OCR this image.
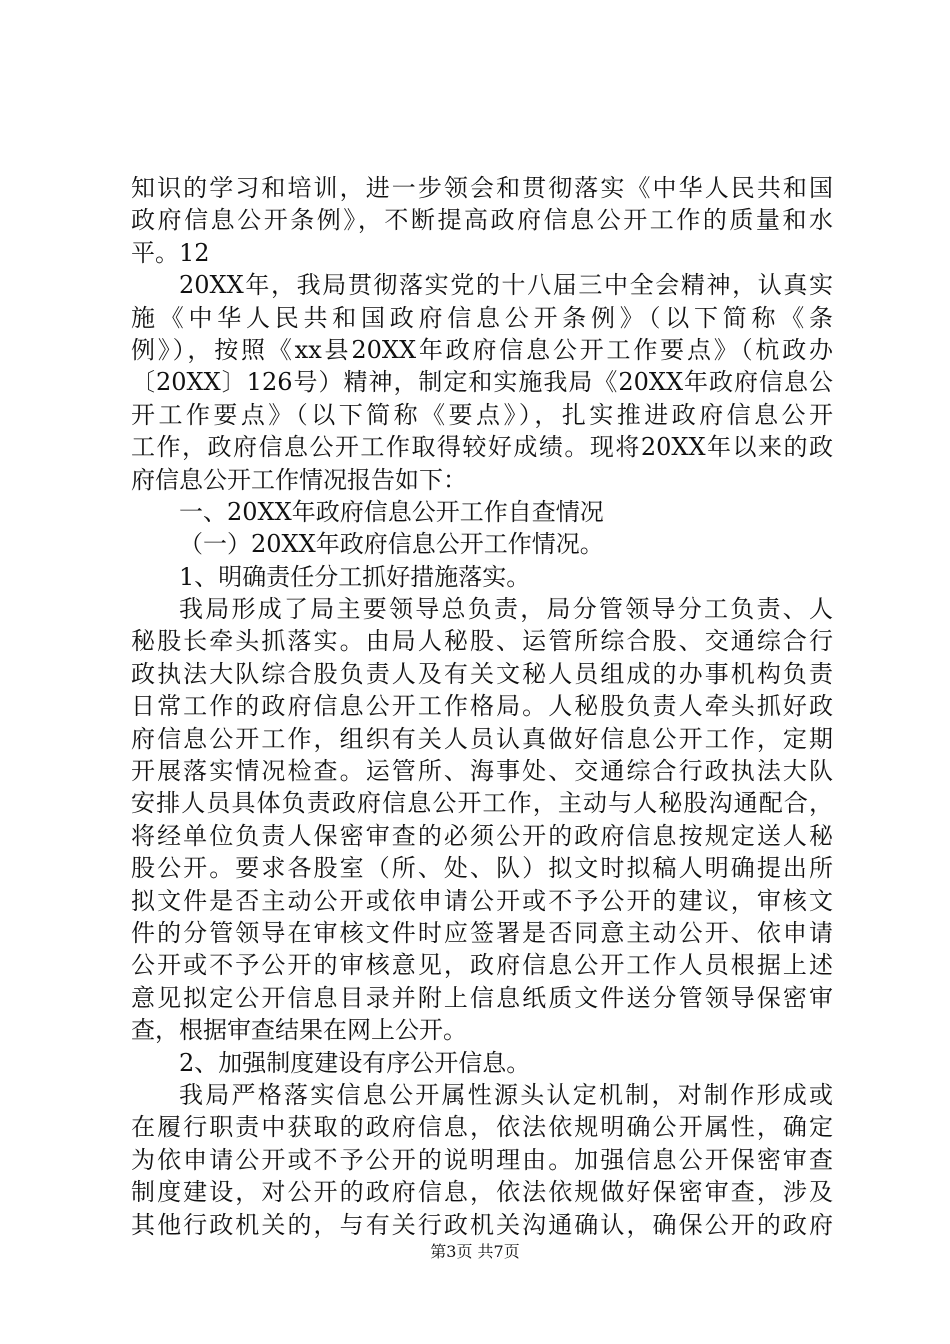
知识的学习和培训，进一步领会和贯彻落实《中华人民共和国
政府信息公开条例》，不断提高政府信息公开工作的质量和水
平。12
20XX年，我局贯彻落实党的十八届三中全会精神，认真实
施《中华人民共和国政府信息公开条例》（以下简称《条
例》），按照《xx县20XX年政府信息公开工作要点》（杭政办
〔20XX〕126号）精神，制定和实施我局《20XX年政府信息公
开工作要点》（以下简称《要点》），扎实推进政府信息公开
工作，政府信息公开工作取得较好成绩。现将20XX年以来的政
府信息公开工作情况报告如下：
一、20XX年政府信息公开工作自查情况
（一）20XX年政府信息公开工作情况。
1、明确责任分工抓好措施落实。
我局形成了局主要领导总负责，局分管领导分工负责、人
秘股长牵头抓落实。由局人秘股、运管所综合股、交通综合行
政执法大队综合股负责人及有关文秘人员组成的办事机构负责
日常工作的政府信息公开工作格局。人秘股负责人牵头抓好政
府信息公开工作，组织有关人员认真做好信息公开工作，定期
开展落实情况检查。运管所、海事处、交通综合行政执法大队
安排人员具体负责政府信息公开工作，主动与人秘股沟通配合，
将经单位负责人保密审查的必须公开的政府信息按规定送人秘
股公开。要求各股室（所、处、队）拟文时拟稿人明确提出所
拟文件是否主动公开或依申请公开或不予公开的建议，审核文
件的分管领导在审核文件时应签署是否同意主动公开、依申请
公开或不予公开的审核意见，政府信息公开工作人员根据上述
意见拟定公开信息目录并附上信息纸质文件送分管领导保密审
查，根据审查结果在网上公开。
2、加强制度建设有序公开信息。
我局严格落实信息公开属性源头认定机制，对制作形成或
在履行职责中获取的政府信息，依法依规明确公开属性，确定
为依申请公开或不予公开的说明理由。加强信息公开保密审查
制度建设，对公开的政府信息，依法依规做好保密审查，涉及
其他行政机关的，与有关行政机关沟通确认，确保公开的政府
第3页 共7页
